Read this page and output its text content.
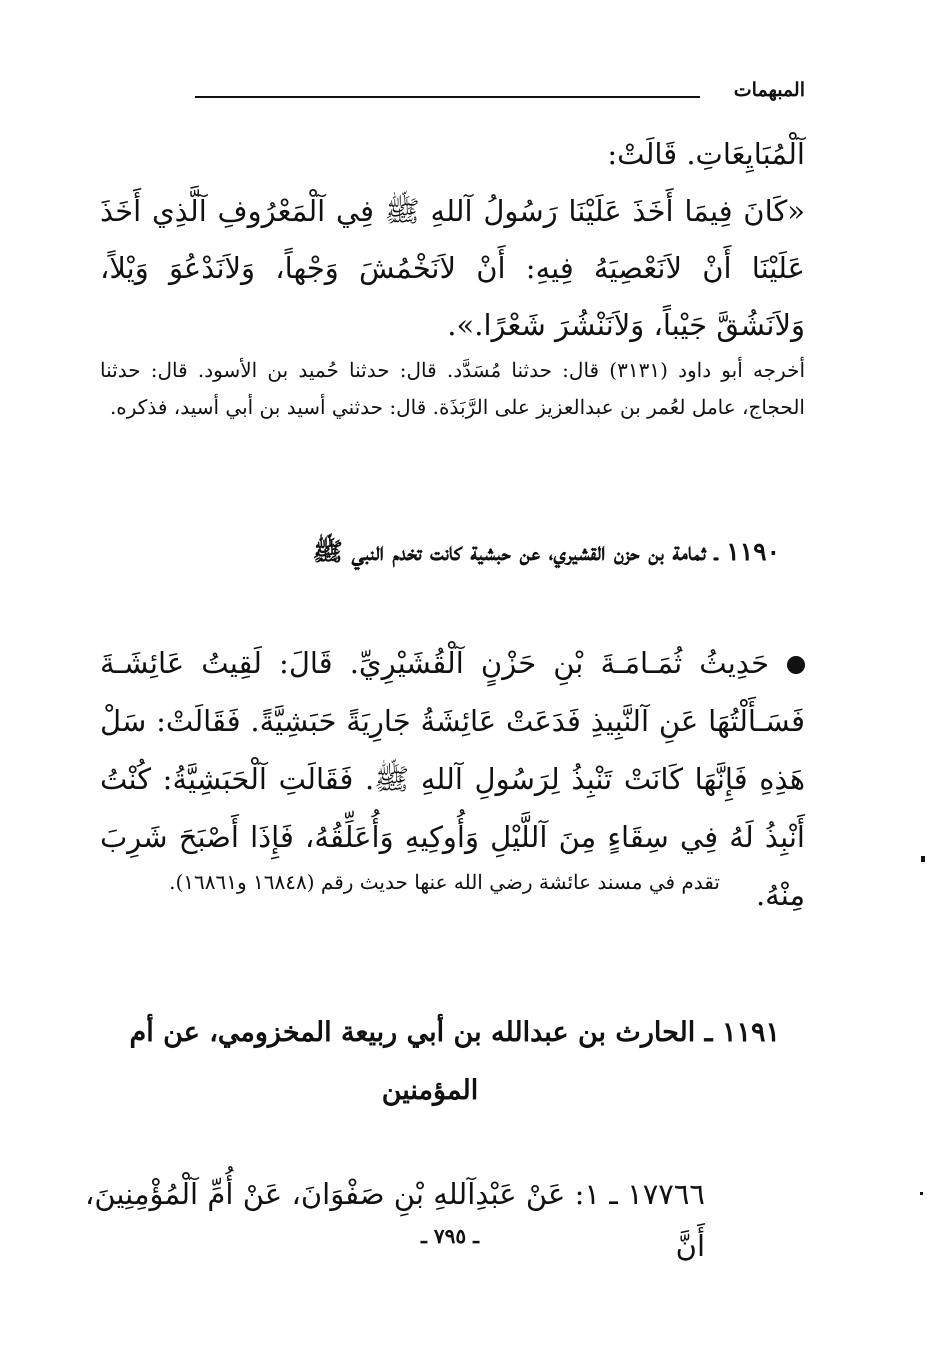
المبهمات

آلْمُبَايِعَاتِ. قَالَتْ:

«كَانَ فِيمَا أَخَذَ عَلَيْنَا رَسُولُ آللهِ ﷺ فِي آلْمَعْرُوفِ آلَّذِي أَخَذَ عَلَيْنَا أَنْ لاَنَعْصِيَهُ فِيهِ: أَنْ لاَنَخْمُشَ وَجْهاً، وَلاَنَدْعُوَ وَيْلاً، وَلاَنَشُقَّ جَيْباً، وَلاَنَنْشُرَ شَعْرًا.».

أخرجه أبو داود (٣١٣١) قال: حدثنا مُسَدَّد. قال: حدثنا حُميد بن الأسود. قال: حدثنا الحجاج، عامل لعُمر بن عبدالعزيز على الرَّبَذَة. قال: حدثني أسيد بن أبي أسيد، فذكره.
١١٩٠ ـ ثمامة بن حزن القشيري، عن حبشية كانت تخدم النبي ﷺ
حَدِيثُ ثُمَـامَـةَ بْنِ حَزْنٍ آلْقُشَيْرِيِّ. قَالَ: لَقِيتُ عَائِشَـةَ فَسَـأَلْتُهَا عَنِ آلنَّبِيذِ فَدَعَتْ عَائِشَةُ جَارِيَةً حَبَشِيَّةً. فَقَالَتْ: سَلْ هَذِهِ فَإِنَّهَا كَانَتْ تَنْبِذُ لِرَسُولِ آللهِ ﷺ. فَقَالَتِ آلْحَبَشِيَّةُ: كُنْتُ أَنْبِذُ لَهُ فِي سِقَاءٍ مِنَ آللَّيْلِ وَأُوكِيهِ وَأُعَلِّقُهُ، فَإِذَا أَصْبَحَ شَرِبَ مِنْهُ.
تقدم في مسند عائشة رضي الله عنها حديث رقم (١٦٨٤٨ و١٦٨٦١).
١١٩١ ـ الحارث بن عبدالله بن أبي ربيعة المخزومي، عن أم
المؤمنين
١٧٧٦٦ ـ ١: عَنْ عَبْدِآللهِ بْنِ صَفْوَانَ، عَنْ أُمِّ آلْمُؤْمِنِينَ، أَنَّ
ـ ٧٩٥ ـ
